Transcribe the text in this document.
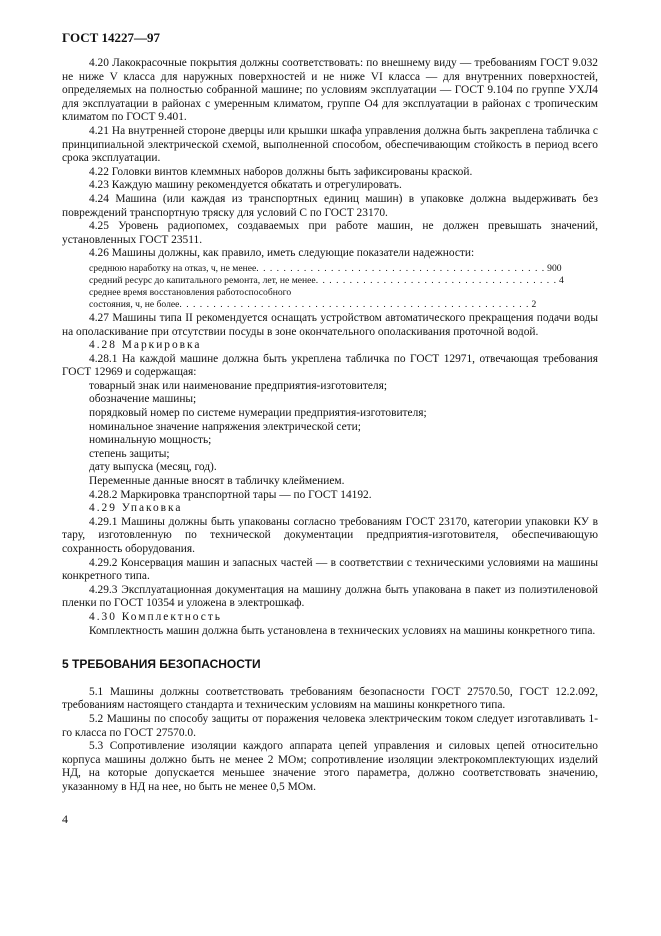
ГОСТ 14227—97

4.20 Лакокрасочные покрытия должны соответствовать: по внешнему виду — требованиям ГОСТ 9.032 не ниже V класса для наружных поверхностей и не ниже VI класса — для внутренних поверхностей, определяемых на полностью собранной машине; по условиям эксплуатации — ГОСТ 9.104 по группе УХЛ4 для эксплуатации в районах с умеренным климатом, группе О4 для эксплуатации в районах с тропическим климатом по ГОСТ 9.401.

4.21 На внутренней стороне дверцы или крышки шкафа управления должна быть закреплена табличка с принципиальной электрической схемой, выполненной способом, обеспечивающим стойкость в период всего срока эксплуатации.

4.22 Головки винтов клеммных наборов должны быть зафиксированы краской.

4.23 Каждую машину рекомендуется обкатать и отрегулировать.

4.24 Машина (или каждая из транспортных единиц машин) в упаковке должна выдерживать без повреждений транспортную тряску для условий С по ГОСТ 23170.

4.25 Уровень радиопомех, создаваемых при работе машин, не должен превышать значений, установленных ГОСТ 23511.

4.26 Машины должны, как правило, иметь следующие показатели надежности:

среднюю наработку на отказ, ч, не менее . . . . . . . . . . . . . . . . . . . . . . . . . . . . . . . . . . . . . . . . . . . 900
средний ресурс до капитального ремонта, лет, не менее . . . . . . . . . . . . . . . . . . . . . . . . . . . . . . . . . . . . 4
среднее время восстановления работоспособного
состояния, ч, не более . . . . . . . . . . . . . . . . . . . . . . . . . . . . . . . . . . . . . . . . . . . . . . . . . . . . 2

4.27 Машины типа II рекомендуется оснащать устройством автоматического прекращения подачи воды на ополаскивание при отсутствии посуды в зоне окончательного ополаскивания проточной водой.

4.28 Маркировка

4.28.1 На каждой машине должна быть укреплена табличка по ГОСТ 12971, отвечающая требования ГОСТ 12969 и содержащая:

товарный знак или наименование предприятия-изготовителя;
обозначение машины;
порядковый номер по системе нумерации предприятия-изготовителя;
номинальное значение напряжения электрической сети;
номинальную мощность;
степень защиты;
дату выпуска (месяц, год).
Переменные данные вносят в табличку клеймением.

4.28.2 Маркировка транспортной тары — по ГОСТ 14192.

4.29 Упаковка

4.29.1 Машины должны быть упакованы согласно требованиям ГОСТ 23170, категории упаковки КУ в тару, изготовленную по технической документации предприятия-изготовителя, обеспечивающую сохранность оборудования.

4.29.2 Консервация машин и запасных частей — в соответствии с техническими условиями на машины конкретного типа.

4.29.3 Эксплуатационная документация на машину должна быть упакована в пакет из полиэтиленовой пленки по ГОСТ 10354 и уложена в электрошкаф.

4.30 Комплектность

Комплектность машин должна быть установлена в технических условиях на машины конкретного типа.

5 ТРЕБОВАНИЯ БЕЗОПАСНОСТИ

5.1 Машины должны соответствовать требованиям безопасности ГОСТ 27570.50, ГОСТ 12.2.092, требованиям настоящего стандарта и техническим условиям на машины конкретного типа.

5.2 Машины по способу защиты от поражения человека электрическим током следует изготавливать 1-го класса по ГОСТ 27570.0.

5.3 Сопротивление изоляции каждого аппарата цепей управления и силовых цепей относительно корпуса машины должно быть не менее 2 МОм; сопротивление изоляции электрокомплектующих изделий НД, на которые допускается меньшее значение этого параметра, должно соответствовать значению, указанному в НД на нее, но быть не менее 0,5 МОм.

4
